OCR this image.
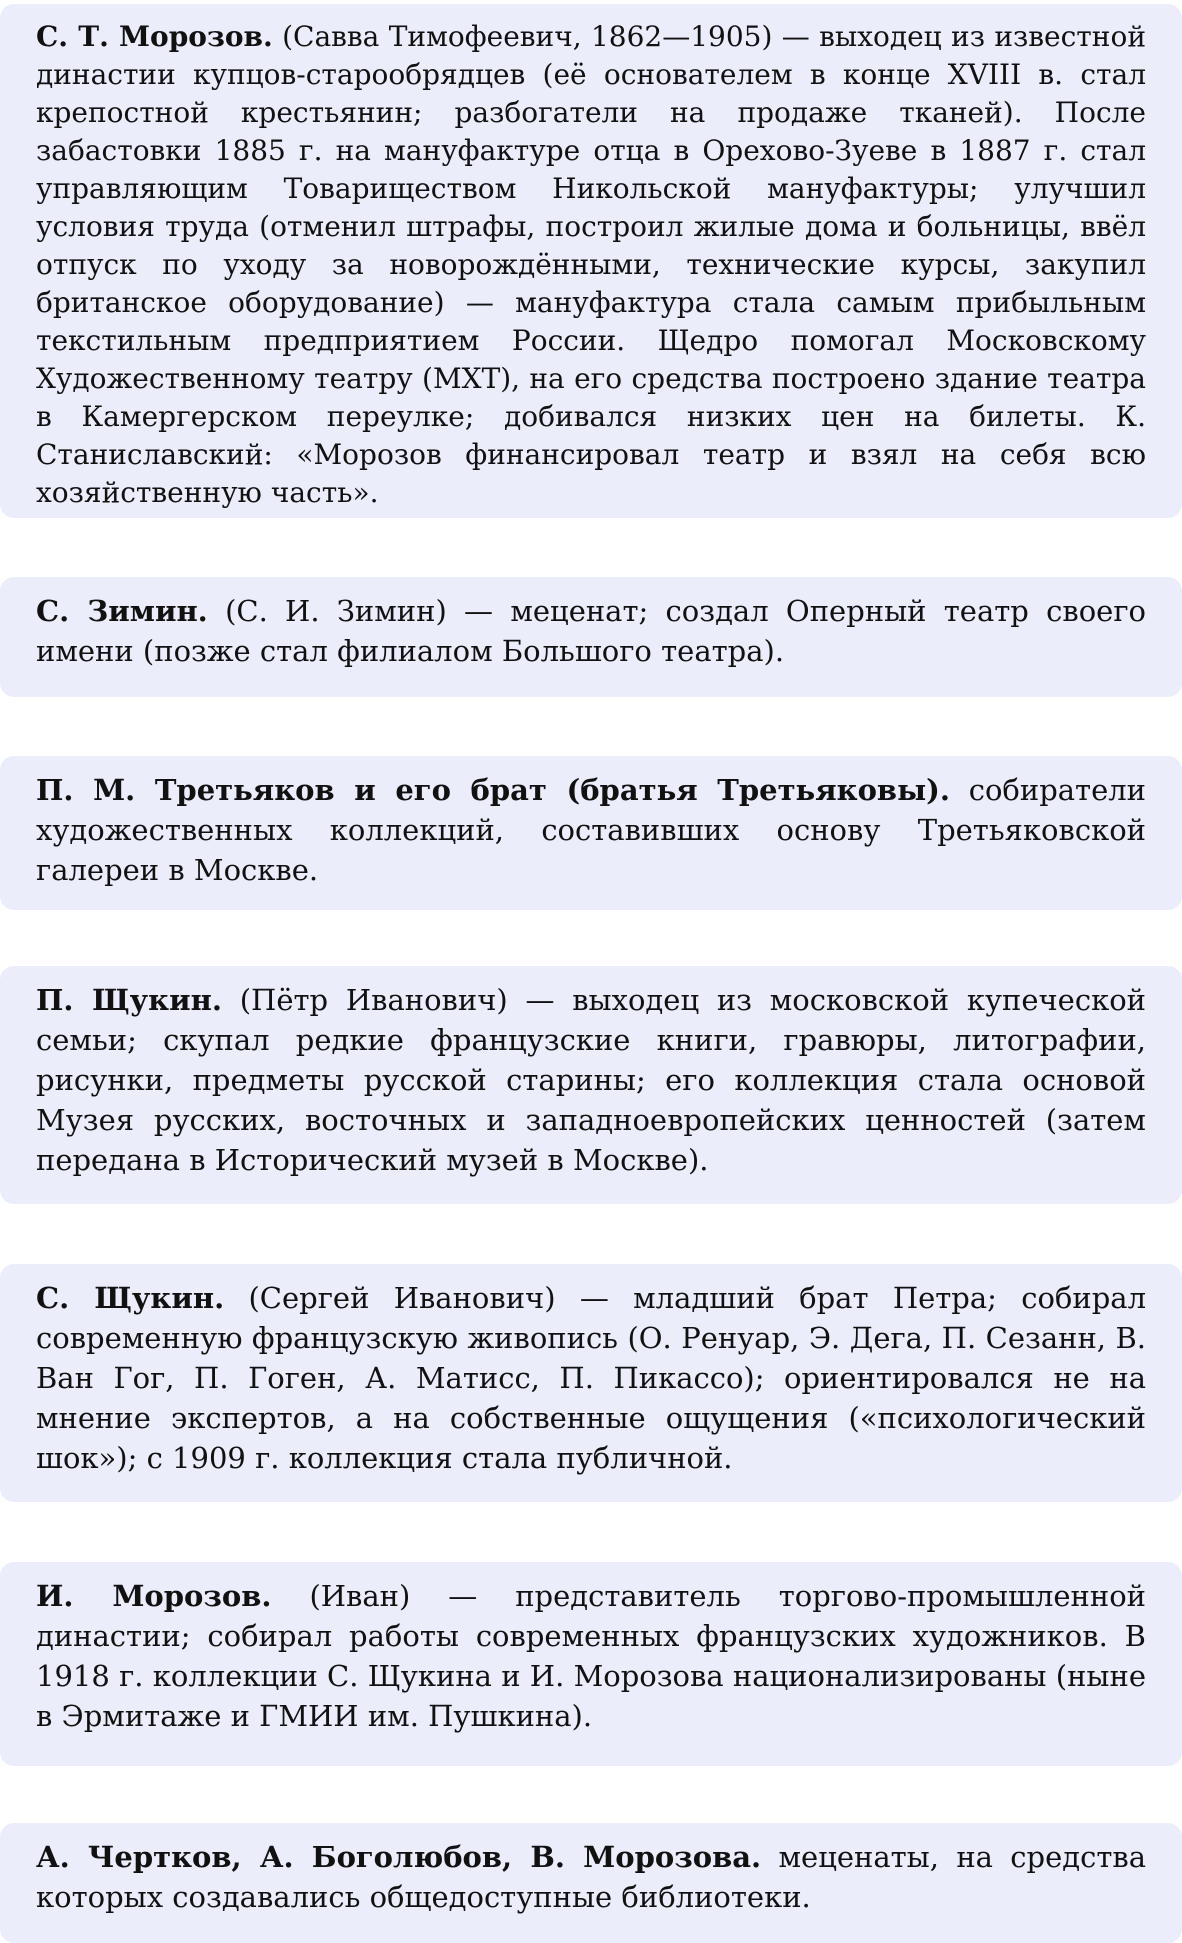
С. Т. Морозов. (Савва Тимофеевич, 1862—1905) — выходец из известной династии купцов-старообрядцев (её основателем в конце XVIII в. стал крепостной крестьянин; разбогатели на продаже тканей). После забастовки 1885 г. на мануфактуре отца в Орехово-Зуеве в 1887 г. стал управляющим Товариществом Никольской мануфактуры; улучшил условия труда (отменил штрафы, построил жилые дома и больницы, ввёл отпуск по уходу за новорождёнными, технические курсы, закупил британское оборудование) — мануфактура стала самым прибыльным текстильным предприятием России. Щедро помогал Московскому Художественному театру (МХТ), на его средства построено здание театра в Камергерском переулке; добивался низких цен на билеты. К. Станиславский: «Морозов финансировал театр и взял на себя всю хозяйственную часть».
С. Зимин. (С. И. Зимин) — меценат; создал Оперный театр своего имени (позже стал филиалом Большого театра).
П. М. Третьяков и его брат (братья Третьяковы). собиратели художественных коллекций, составивших основу Третьяковской галереи в Москве.
П. Щукин. (Пётр Иванович) — выходец из московской купеческой семьи; скупал редкие французские книги, гравюры, литографии, рисунки, предметы русской старины; его коллекция стала основой Музея русских, восточных и западноевропейских ценностей (затем передана в Исторический музей в Москве).
С. Щукин. (Сергей Иванович) — младший брат Петра; собирал современную французскую живопись (О. Ренуар, Э. Дега, П. Сезанн, В. Ван Гог, П. Гоген, А. Матисс, П. Пикассо); ориентировался не на мнение экспертов, а на собственные ощущения («психологический шок»); с 1909 г. коллекция стала публичной.
И. Морозов. (Иван) — представитель торгово-промышленной династии; собирал работы современных французских художников. В 1918 г. коллекции С. Щукина и И. Морозова национализированы (ныне в Эрмитаже и ГМИИ им. Пушкина).
А. Чертков, А. Боголюбов, В. Морозова. меценаты, на средства которых создавались общедоступные библиотеки.
